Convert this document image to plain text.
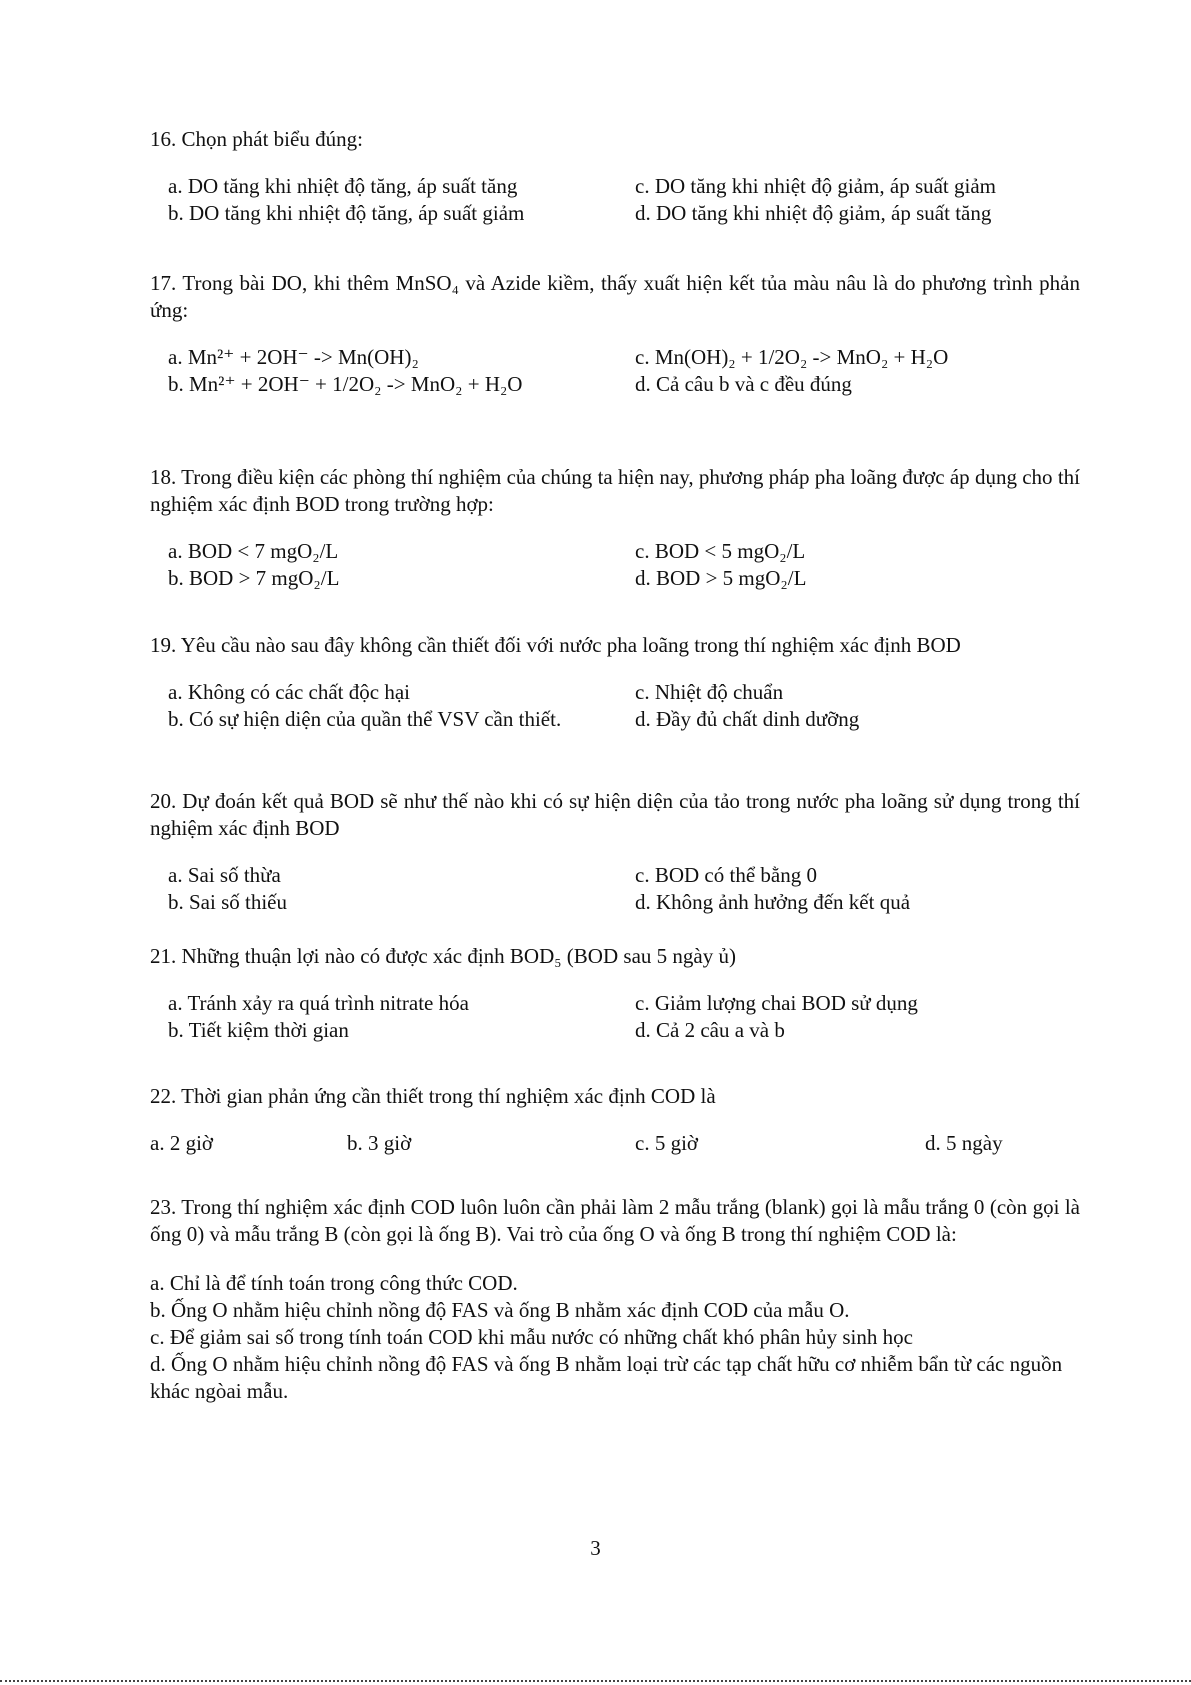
16. Chọn phát biểu đúng:

a. DO tăng khi nhiệt độ tăng, áp suất tăng	c. DO tăng khi nhiệt độ giảm, áp suất giảm
b. DO tăng khi nhiệt độ tăng, áp suất giảm	d. DO tăng khi nhiệt độ giảm, áp suất tăng

17. Trong bài DO, khi thêm MnSO₄ và Azide kiềm, thấy xuất hiện kết tủa màu nâu là do phương trình phản ứng:

a. Mn²⁺ + 2OH⁻ -> Mn(OH)₂	c. Mn(OH)₂ + 1/2O₂ -> MnO₂ + H₂O
b. Mn²⁺ + 2OH⁻ + 1/2O₂ -> MnO₂ + H₂O	d. Cả câu b và c đều đúng

18. Trong điều kiện các phòng thí nghiệm của chúng ta hiện nay, phương pháp pha loãng được áp dụng cho thí nghiệm xác định BOD trong trường hợp:

a. BOD < 7 mgO₂/L	c. BOD < 5 mgO₂/L
b. BOD > 7 mgO₂/L	d. BOD > 5 mgO₂/L

19. Yêu cầu nào sau đây không cần thiết đối với nước pha loãng trong thí nghiệm xác định BOD

a. Không có các chất độc hại	c. Nhiệt độ chuẩn
b. Có sự hiện diện của quần thể VSV cần thiết.	d. Đầy đủ chất dinh dưỡng

20. Dự đoán kết quả BOD sẽ như thế nào khi có sự hiện diện của tảo trong nước pha loãng sử dụng trong thí nghiệm xác định BOD

a. Sai số thừa	c. BOD có thể bằng 0
b. Sai số thiếu	d. Không ảnh hưởng đến kết quả

21. Những thuận lợi nào có được xác định BOD₅ (BOD sau 5 ngày ủ)

a. Tránh xảy ra quá trình nitrate hóa	c. Giảm lượng chai BOD sử dụng
b. Tiết kiệm thời gian	d. Cả 2 câu a và b

22. Thời gian phản ứng cần thiết trong thí nghiệm xác định COD là

a. 2 giờ	b. 3 giờ	c. 5 giờ	d. 5 ngày

23. Trong thí nghiệm xác định COD luôn luôn cần phải làm 2 mẫu trắng (blank) gọi là mẫu trắng 0 (còn gọi là ống 0) và mẫu trắng B (còn gọi là ống B). Vai trò của ống O và ống B trong thí nghiệm COD là:

a. Chỉ là để tính toán trong công thức COD.
b. Ống O nhằm hiệu chỉnh nồng độ FAS và ống B nhằm xác định COD của mẫu O.
c. Để giảm sai số trong tính toán COD khi mẫu nước có những chất khó phân hủy sinh học
d. Ống O nhằm hiệu chỉnh nồng độ FAS và ống B nhằm loại trừ các tạp chất hữu cơ nhiễm bẩn từ các nguồn khác ngòai mẫu.
3
